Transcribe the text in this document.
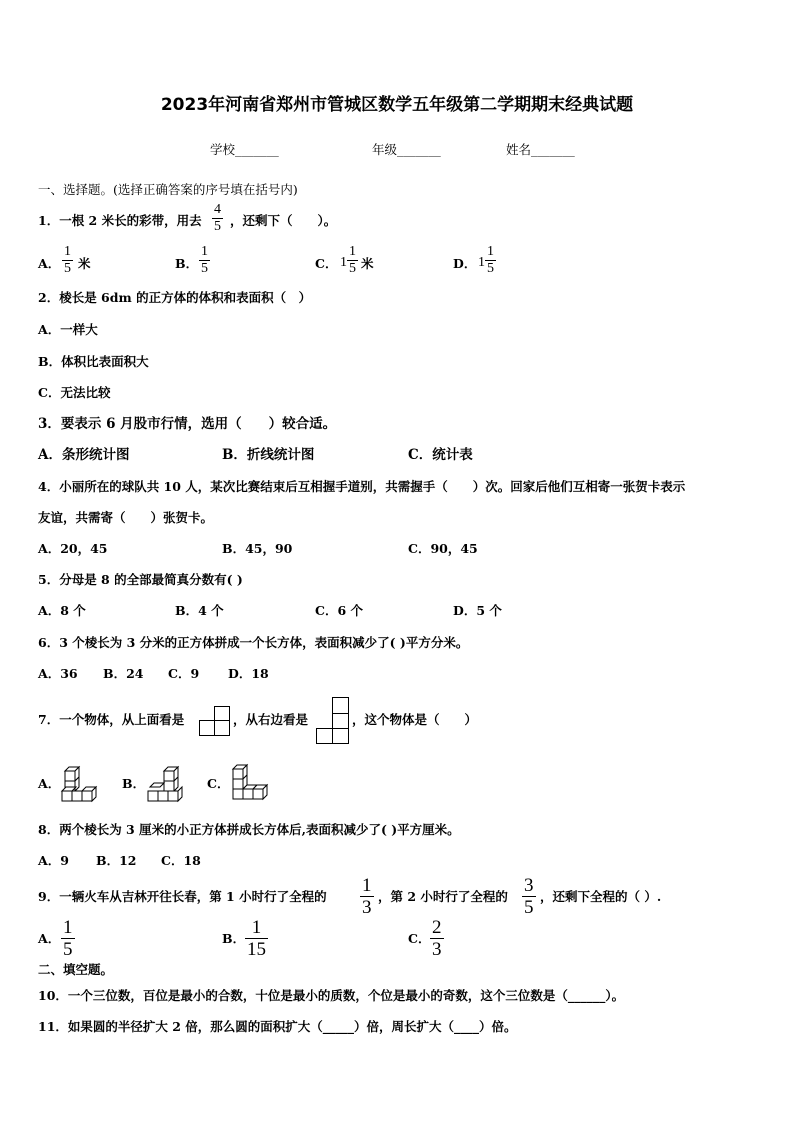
2023年河南省郑州市管城区数学五年级第二学期期末经典试题
学校_______	年级_______	姓名_______
一、选择题。(选择正确答案的序号填在括号内)
1．一根 2 米长的彩带，用去
4
5 ，还剩下（　　）。
A．
1
5 米	B．
1
5	C． 1
1
5 米	D． 1
1
5
2．棱长是 6dm 的正方体的体积和表面积（　）
A．一样大
B．体积比表面积大
C．无法比较
3．要表示 6 月股市行情，选用（　　）较合适。
A．条形统计图	B．折线统计图	C．统计表
4．小丽所在的球队共 10 人，某次比赛结束后互相握手道别，共需握手（　　）次。回家后他们互相寄一张贺卡表示
友谊，共需寄（　　）张贺卡。
A．20，45	B．45，90	C．90，45
5．分母是 8 的全部最简真分数有( )
A．8 个	B．4 个	C．6 个	D．5 个
6．3 个棱长为 3 分米的正方体拼成一个长方体，表面积减少了( )平方分米。
A．36 B．24 C．9 D．18
7．一个物体，从上面看是	，从右边看是	，这个物体是（　　）
A．	B．	C．
8．两个棱长为 3 厘米的小正方体拼成长方体后,表面积减少了( )平方厘米。
A．9 B．12 C．18
9．一辆火车从吉林开往长春，第 1 小时行了全程的
1
3
，第 2 小时行了全程的
3
5
，还剩下全程的（ ）.
A．
1
5
B．
1
15
C．
2
3
二、填空题。
10．一个三位数，百位是最小的合数，十位是最小的质数，个位是最小的奇数，这个三位数是（______）。
11．如果圆的半径扩大 2 倍，那么圆的面积扩大（_____）倍，周长扩大（____）倍。
